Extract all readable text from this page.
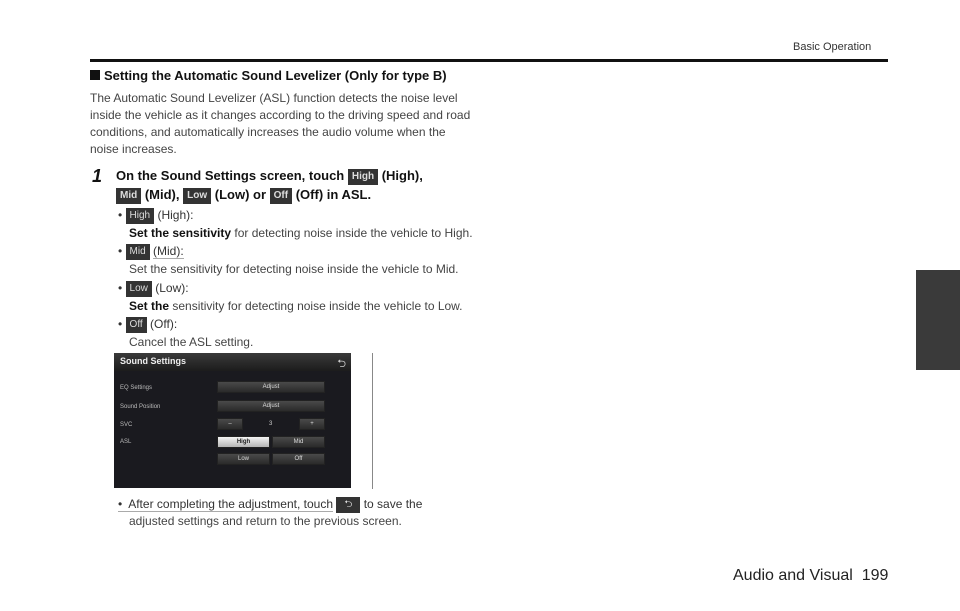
Basic Operation
Setting the Automatic Sound Levelizer (Only for type B)
The Automatic Sound Levelizer (ASL) function detects the noise level
inside the vehicle as it changes according to the driving speed and road
conditions, and automatically increases the audio volume when the
noise increases.
1 On the Sound Settings screen, touch High (High),
Mid (Mid), Low (Low) or Off (Off) in ASL.
• High (High):
Set the sensitivity for detecting noise inside the vehicle to High.
• Mid (Mid):
Set the sensitivity for detecting noise inside the vehicle to Mid.
• Low (Low):
Set the sensitivity for detecting noise inside the vehicle to Low.
• Off (Off):
Cancel the ASL setting.
Sound Settings	⮌
EQ Settings	Adjust
Sound Position	Adjust
SVC	–	3	+
ASL	High	Mid
Low	Off
• After completing the adjustment, touch ⮌ to save the
adjusted settings and return to the previous screen.
Audio and Visual 199
